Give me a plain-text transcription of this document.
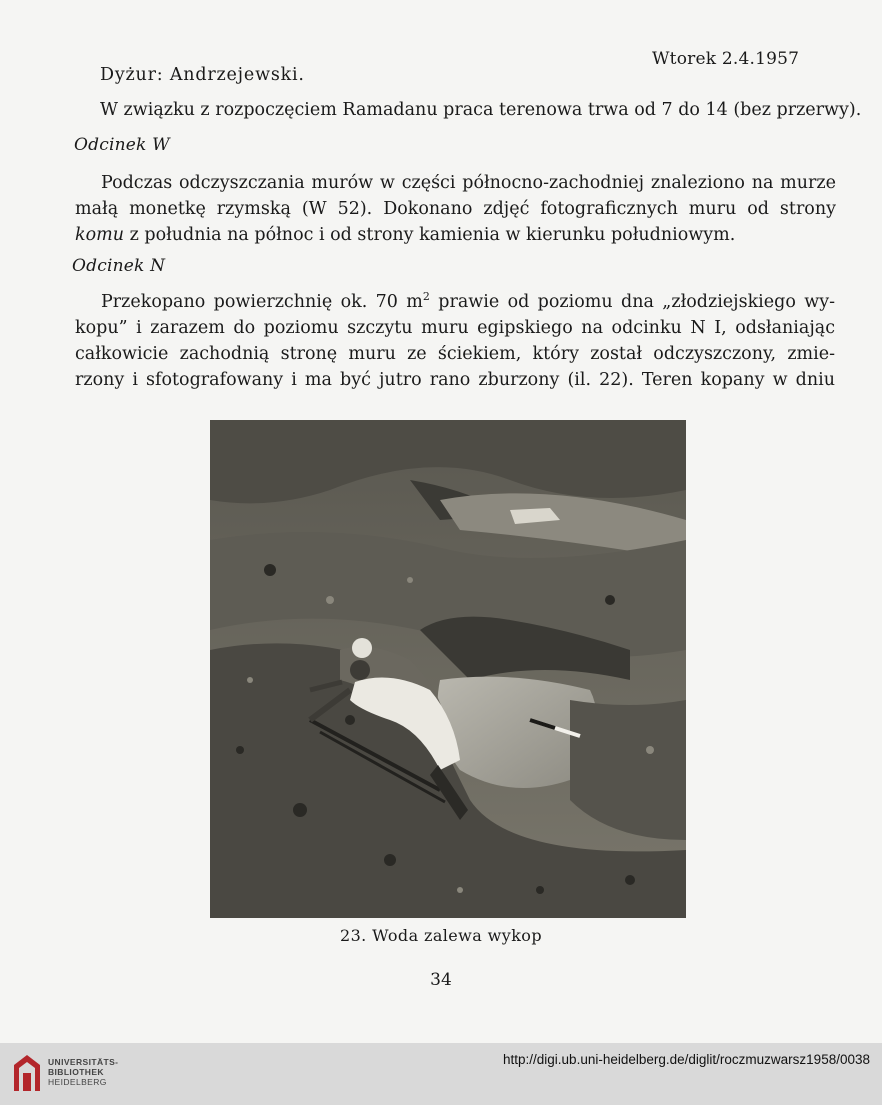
Wtorek 2.4.1957
Dyżur: Andrzejewski.
W związku z rozpoczęciem Ramadanu praca terenowa trwa od 7 do 14 (bez przerwy).
Odcinek W
Podczas odczyszczania murów w części północno-zachodniej znaleziono na murze
małą monetkę rzymską (W 52). Dokonano zdjęć fotograficznych muru od strony
komu z południa na północ i od strony kamienia w kierunku południowym.
Odcinek N
Przekopano powierzchnię ok. 70 $m^2$ prawie od poziomu dna „złodziejskiego wy-
kopu” i zarazem do poziomu szczytu muru egipskiego na odcinku N I, odsłaniając
całkowicie zachodnią stronę muru ze ściekiem, który został odczyszczony, zmie-
rzony i sfotografowany i ma być jutro rano zburzony (il. 22). Teren kopany w dniu
23. Woda zalewa wykop
34
UNIVERSITÄTS-
BIBLIOTHEK
HEIDELBERG
http://digi.ub.uni-heidelberg.de/diglit/roczmuzwarsz1958/0038
